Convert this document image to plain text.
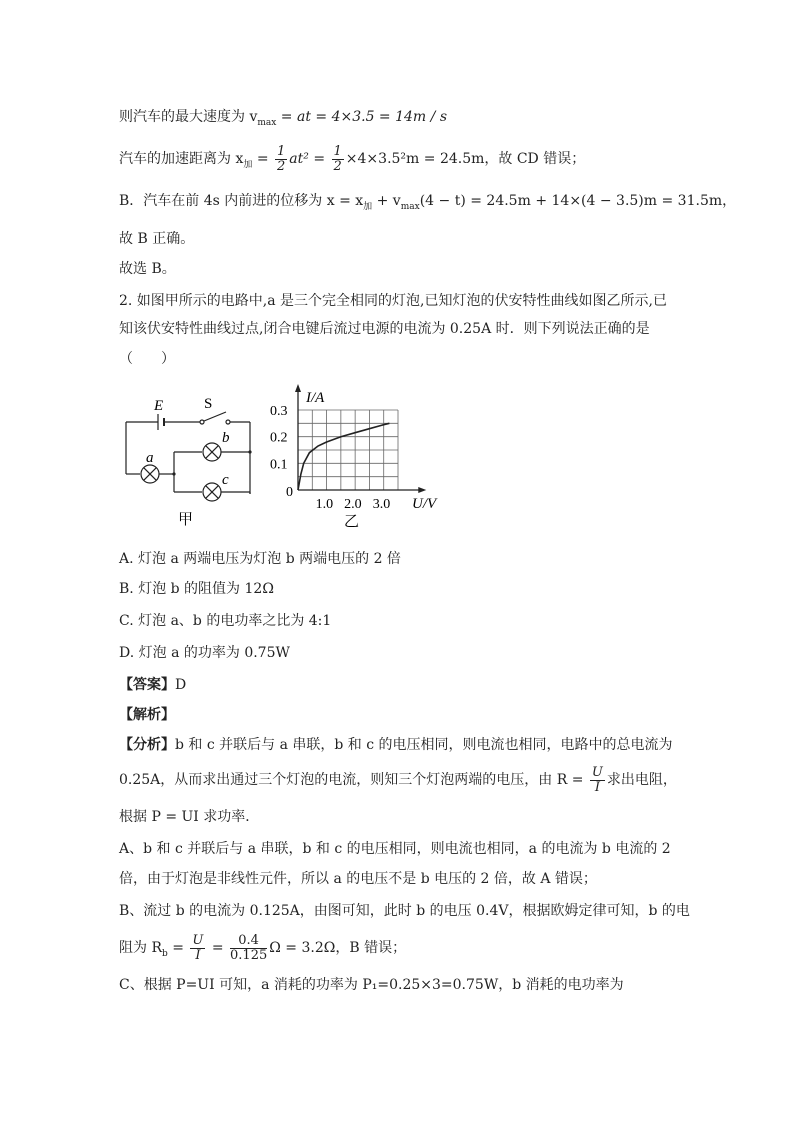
则汽车的最大速度为 $v_{max}$ = at = 4×3.5 = 14m / s
汽车的加速距离为 $x_加 = \frac{1}{2} at^2 = \frac{1}{2} \times 4\times 3.5^2m = 24.5m$，故 CD 错误；
B．汽车在前 4s 内前进的位移为 $x = x_加 + v_{max}(4 - t) = 24.5m + 14\times(4 - 3.5)m = 31.5m$，
故 B 正确。
故选 B。
2. 如图甲所示的电路中,a 是三个完全相同的灯泡,已知灯泡的伏安特性曲线如图乙所示,已
知该伏安特性曲线过点,闭合电键后流过电源的电流为 0.25A 时．则下列说法正确的是
（　　）
E	S
a
b
c
甲
1.0 2.0 3.0
0.1
0.2
0.3
I/A
U/V
0
乙
A. 灯泡 a 两端电压为灯泡 b 两端电压的 2 倍
B. 灯泡 b 的阻值为 12Ω
C. 灯泡 a、b 的电功率之比为 4:1
D. 灯泡 a 的功率为 0.75W
【答案】D
【解析】
【分析】b 和 c 并联后与 a 串联，b 和 c 的电压相同，则电流也相同，电路中的总电流为
0.25A，从而求出通过三个灯泡的电流，则知三个灯泡两端的电压，由 $R = \frac{U}{I}$ 求出电阻，
根据 P = UI 求功率．
A、b 和 c 并联后与 a 串联，b 和 c 的电压相同，则电流也相同，a 的电流为 b 电流的 2
倍，由于灯泡是非线性元件，所以 a 的电压不是 b 电压的 2 倍，故 A 错误；
B、流过 b 的电流为 0.125A，由图可知，此时 b 的电压 0.4V，根据欧姆定律可知，b 的电
阻为 $R_b = \frac{U}{I} = \frac{0.4}{0.125}$ Ω = 3.2Ω，B 错误；
C、根据 P=UI 可知，a 消耗的功率为 P₁=0.25×3=0.75W，b 消耗的电功率为
